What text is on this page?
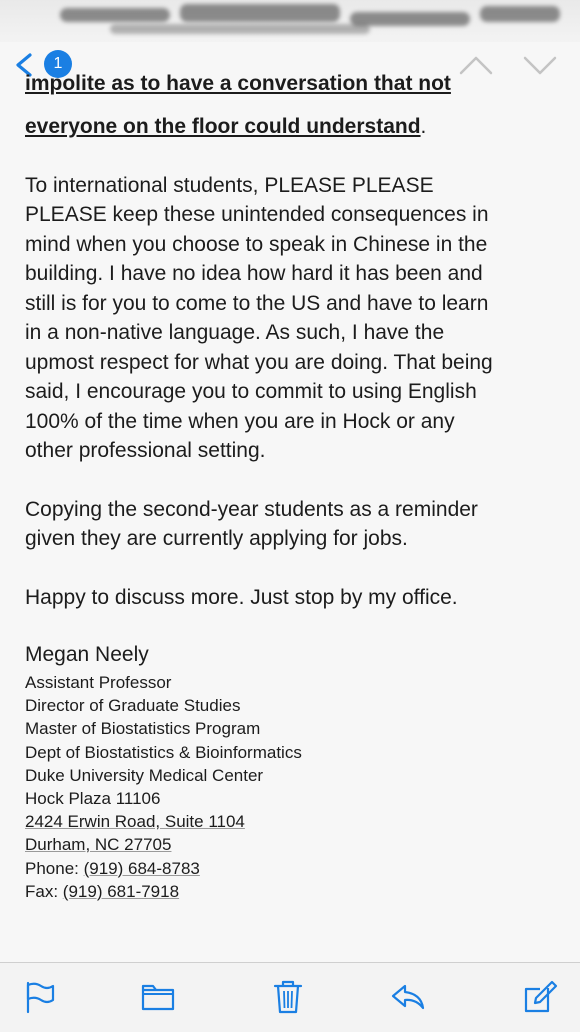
1
impolite as to have a conversation that not

everyone on the floor could understand.

To international students, PLEASE PLEASE
PLEASE keep these unintended consequences in
mind when you choose to speak in Chinese in the
building. I have no idea how hard it has been and
still is for you to come to the US and have to learn
in a non-native language. As such, I have the
upmost respect for what you are doing. That being
said, I encourage you to commit to using English
100% of the time when you are in Hock or any
other professional setting.

Copying the second-year students as a reminder
given they are currently applying for jobs.

Happy to discuss more. Just stop by my office.

Megan Neely

Assistant Professor

Director of Graduate Studies

Master of Biostatistics Program

Dept of Biostatistics & Bioinformatics

Duke University Medical Center

Hock Plaza 11106

2424 Erwin Road, Suite 1104

Durham, NC 27705

Phone: (919) 684-8783

Fax: (919) 681-7918
